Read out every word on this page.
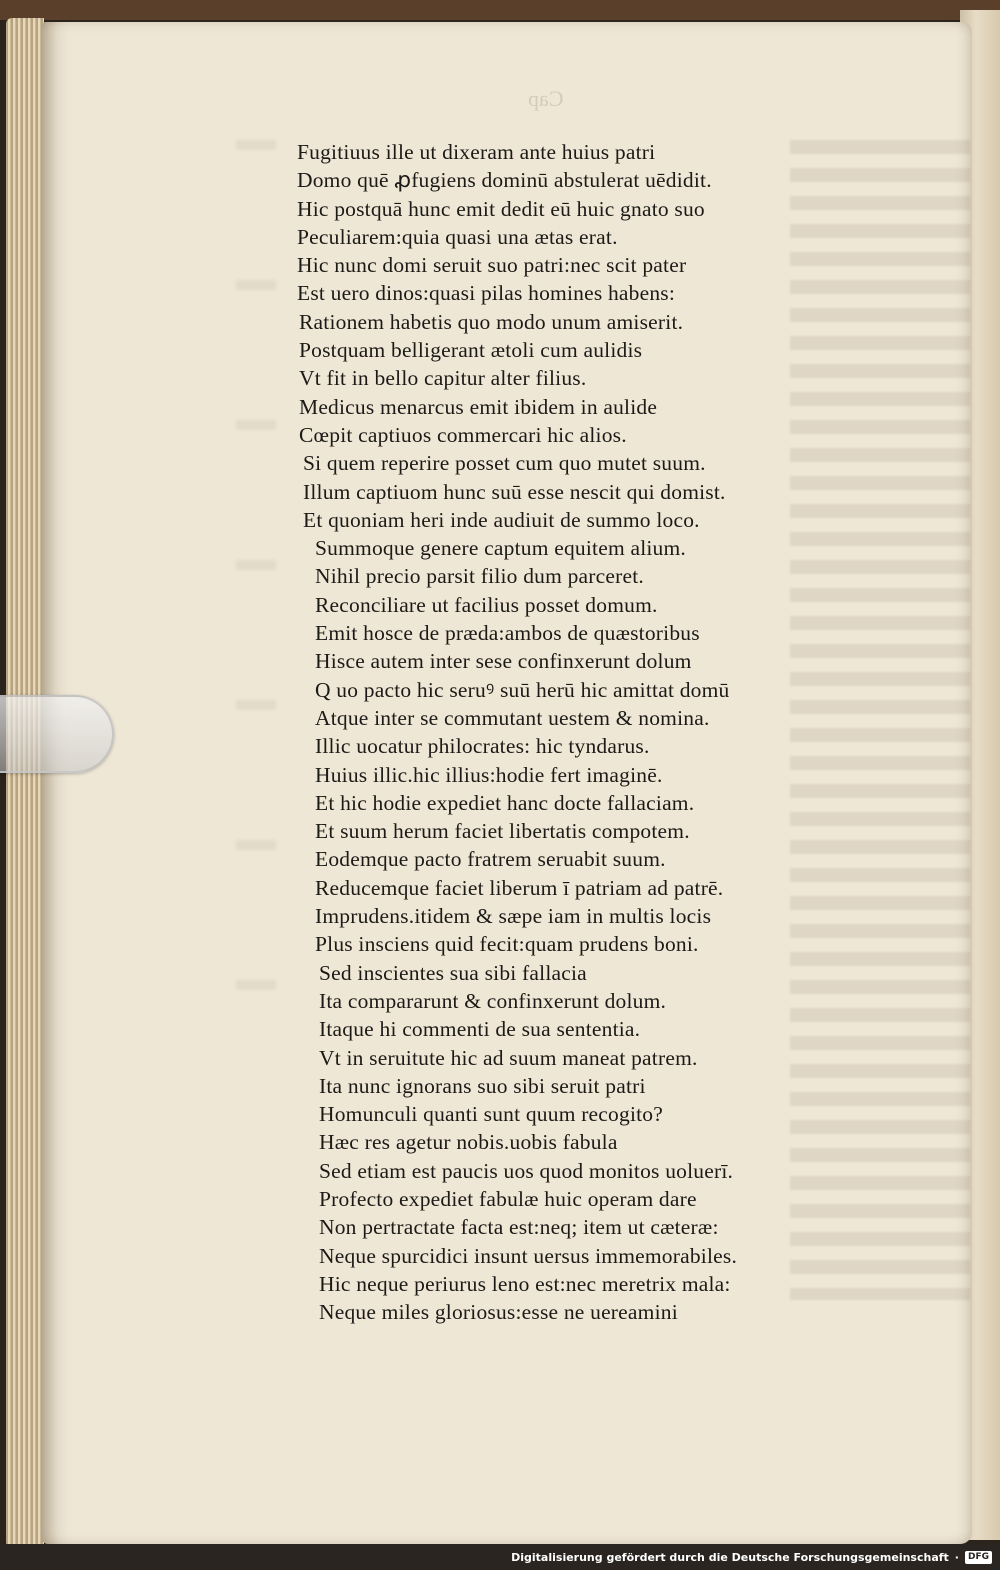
Cap
Fugitiuus ille ut dixeram ante huius patri
Domo quē ꝓfugiens dominū abstulerat uēdidit.
Hic postquā hunc emit dedit eū huic gnato suo
Peculiarem:quia quasi una ætas erat.
Hic nunc domi seruit suo patri:nec scit pater
Est uero dinos:quasi pilas homines habens:
Rationem habetis quo modo unum amiserit.
Postquam belligerant ætoli cum aulidis
Vt fit in bello capitur alter filius.
Medicus menarcus emit ibidem in aulide
Cœpit captiuos commercari hic alios.
Si quem reperire posset cum quo mutet suum.
Illum captiuom hunc suū esse nescit qui domist.
Et quoniam heri inde audiuit de summo loco.
Summoque genere captum equitem alium.
Nihil precio parsit filio dum parceret.
Reconciliare ut facilius posset domum.
Emit hosce de præda:ambos de quæstoribus
Hisce autem inter sese confinxerunt dolum
Q uo pacto hic seruꝰ suū herū hic amittat domū
Atque inter se commutant uestem & nomina.
Illic uocatur philocrates: hic tyndarus.
Huius illic.hic illius:hodie fert imaginē.
Et hic hodie expediet hanc docte fallaciam.
Et suum herum faciet libertatis compotem.
Eodemque pacto fratrem seruabit suum.
Reducemque faciet liberum ī patriam ad patrē.
Imprudens.itidem & sæpe iam in multis locis
Plus insciens quid fecit:quam prudens boni.
Sed inscientes sua sibi fallacia
Ita compararunt & confinxerunt dolum.
Itaque hi commenti de sua sententia.
Vt in seruitute hic ad suum maneat patrem.
Ita nunc ignorans suo sibi seruit patri
Homunculi quanti sunt quum recogito?
Hæc res agetur nobis.uobis fabula
Sed etiam est paucis uos quod monitos uoluerī.
Profecto expediet fabulæ huic operam dare
Non pertractate facta est:neq; item ut cæteræ:
Neque spurcidici insunt uersus immemorabiles.
Hic neque periurus leno est:nec meretrix mala:
Neque miles gloriosus:esse ne uereamini
Digitalisierung gefördert durch die Deutsche Forschungsgemeinschaft ·	DFG
